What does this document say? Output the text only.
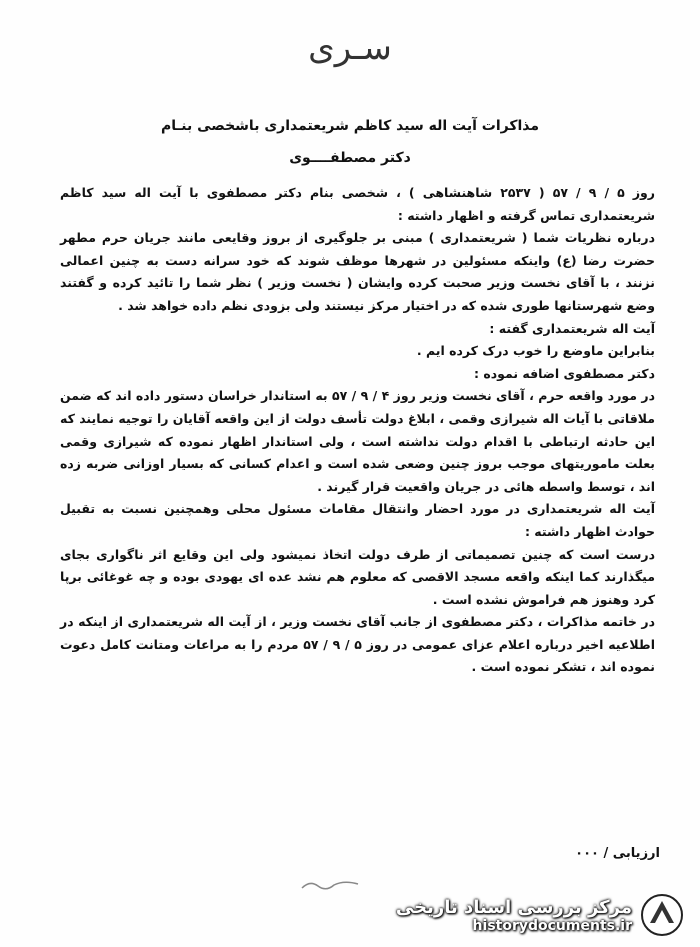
سـری
مذاکرات آیت اله سید کاظم شریعتمداری باشخصی بنـام
دکتر مصطفــــوی

روز ۵ / ۹ / ۵۷ ( ۲۵۳۷ شاهنشاهی ) ، شخصی بنام دکتر مصطفوی با آیت اله سید کاظم شریعتمداری تماس گرفته و اظهار داشته :

درباره نظریات شما ( شریعتمداری ) مبنی بر جلوگیری از بروز وقایعی مانند جریان حرم مطهر حضرت رضا (ع) واینکه مسئولین در شهرها موظف شوند که خود سرانه دست به چنین اعمالی نزنند ، با آقای نخست وزیر صحبت کرده وایشان ( نخست وزیر ) نظر شما را تائید کرده و گفتند وضع شهرستانها طوری شده که در اختیار مرکز نیستند ولی بزودی نظم داده خواهد شد .

آیت اله شریعتمداری گفته :

بنابراین ماوضع را خوب درک کرده ایم .

دکتر مصطفوی اضافه نموده :

در مورد واقعه حرم ، آقای نخست وزیر روز ۴ / ۹ / ۵۷ به استاندار خراسان دستور داده اند که ضمن ملاقاتی با آیات اله شیرازی وقمی ، ابلاغ دولت تأسف دولت از این واقعه آقایان را توجیه نمایند که این حادثه ارتباطی با اقدام دولت نداشته است ، ولی استاندار اظهار نموده که شیرازی وقمی بعلت ماموریتهای موجب بروز چنین وضعی شده است و اعدام کسانی که بسیار اوزانی ضربه زده اند ، توسط واسطه هائی در جریان واقعیت قرار گیرند .

آیت اله شریعتمداری در مورد احضار وانتقال مقامات مسئول محلی وهمچنین نسبت به تقبیل حوادث اظهار داشته :

درست است که چنین تصمیماتی از طرف دولت اتخاذ نمیشود ولی این وقایع اثر ناگواری بجای میگذارند کما اینکه واقعه مسجد الاقصی که معلوم هم نشد عده ای یهودی بوده و چه غوغائی برپا کرد وهنوز هم فراموش نشده است .

در خاتمه مذاکرات ، دکتر مصطفوی از جانب آقای نخست وزیر ، از آیت اله شریعتمداری از اینکه در اطلاعیه اخیر درباره اعلام عزای عمومی در روز ۵ / ۹ / ۵۷ مردم را به مراعات ومتانت کامل دعوت نموده اند ، تشکر نموده است .

ارزیابی / ۰۰۰
مرکز بررسی اسناد تاریخی
historydocuments.ir
